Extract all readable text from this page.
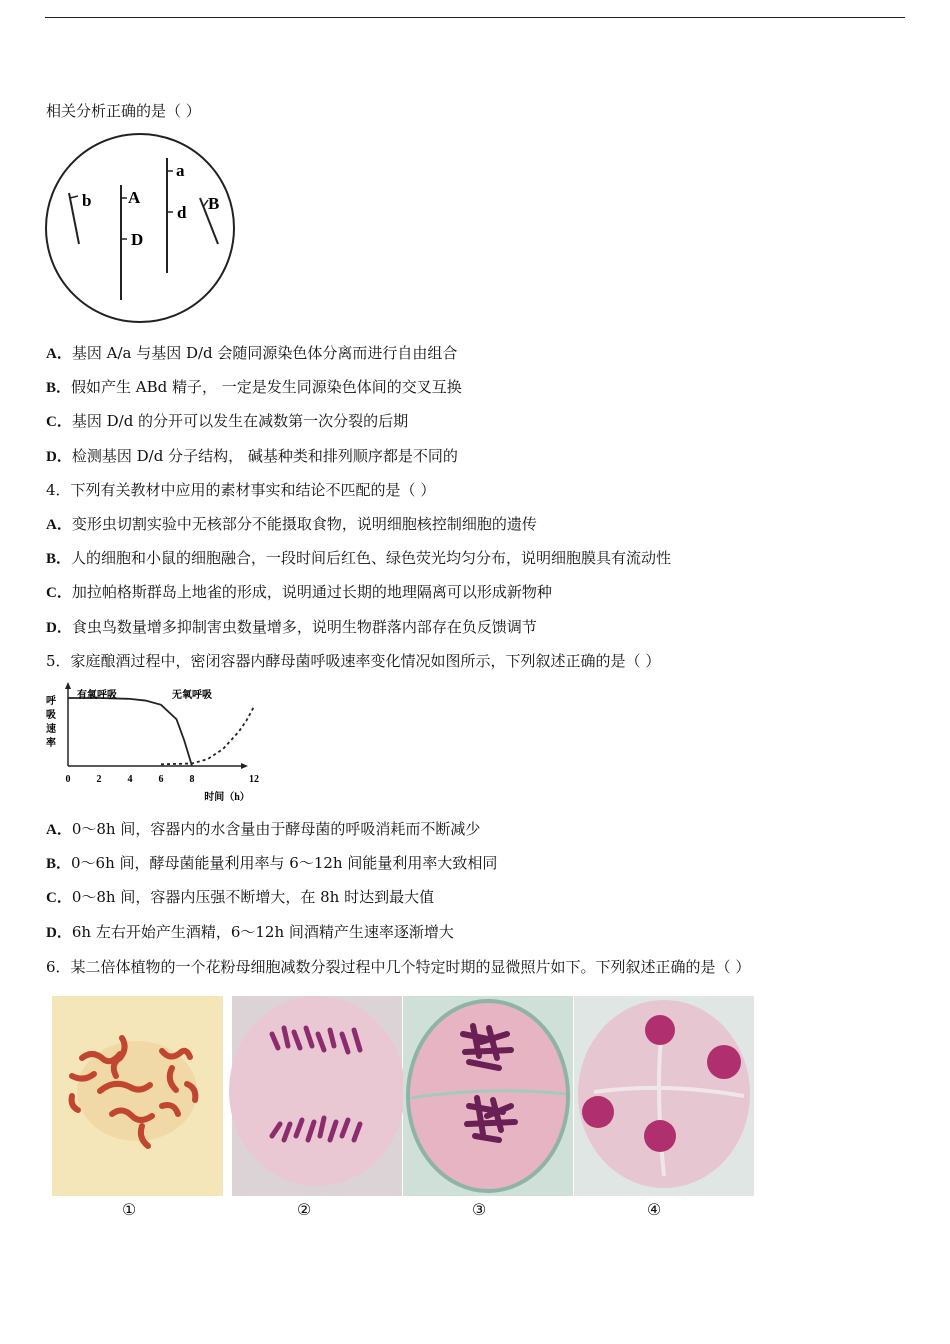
相关分析正确的是（ ）
b A
D
a
d B
A．基因 A/a 与基因 D/d 会随同源染色体分离而进行自由组合
B．假如产生 ABd 精子， 一定是发生同源染色体间的交叉互换
C．基因 D/d 的分开可以发生在减数第一次分裂的后期
D．检测基因 D/d 分子结构， 碱基种类和排列顺序都是不同的
4．下列有关教材中应用的素材事实和结论不匹配的是（ ）
A．变形虫切割实验中无核部分不能摄取食物，说明细胞核控制细胞的遗传
B．人的细胞和小鼠的细胞融合，一段时间后红色、绿色荧光均匀分布，说明细胞膜具有流动性
C．加拉帕格斯群岛上地雀的形成，说明通过长期的地理隔离可以形成新物种
D．食虫鸟数量增多抑制害虫数量增多，说明生物群落内部存在负反馈调节
5．家庭酿酒过程中，密闭容器内酵母菌呼吸速率变化情况如图所示，下列叙述正确的是（ ）
呼
吸
速
率
时间（h）
0	2	4	6	8	12
有氧呼吸	无氧呼吸
A．0～8h 间，容器内的水含量由于酵母菌的呼吸消耗而不断减少
B．0～6h 间，酵母菌能量利用率与 6～12h 间能量利用率大致相同
C．0～8h 间，容器内压强不断增大，在 8h 时达到最大值
D．6h 左右开始产生酒精，6～12h 间酒精产生速率逐渐增大
6．某二倍体植物的一个花粉母细胞减数分裂过程中几个特定时期的显微照片如下。下列叙述正确的是（ ）
①	②	③	④
